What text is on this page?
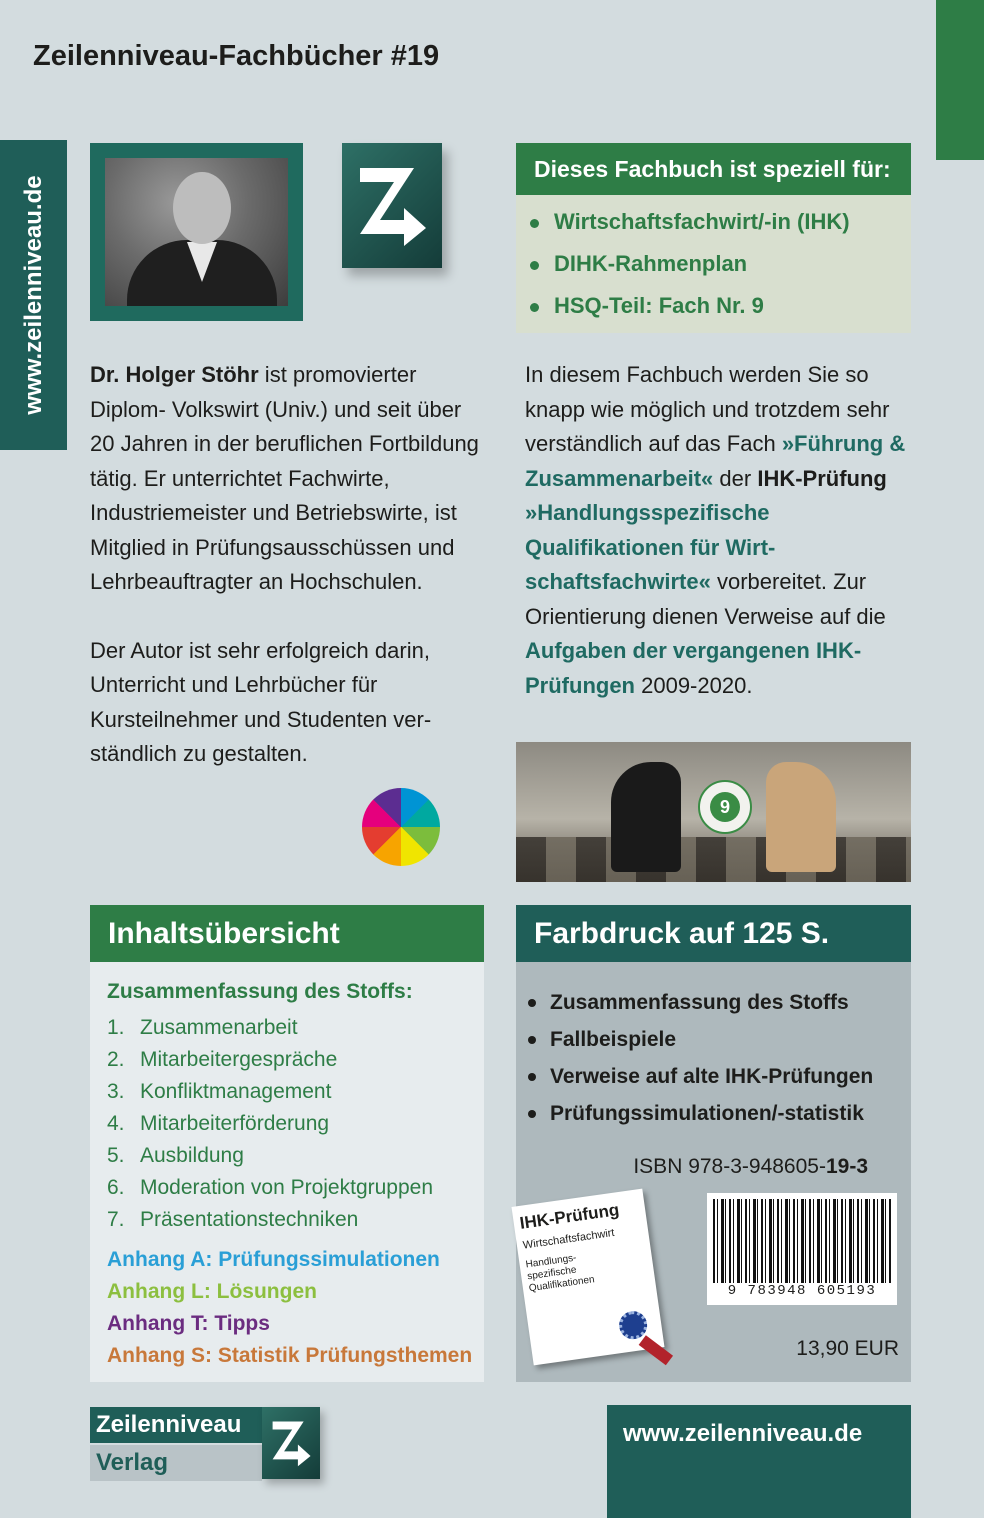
Zeilenniveau-Fachbücher #19
www.zeilenniveau.de
Dieses Fachbuch ist speziell für:
Wirtschaftsfachwirt/-in (IHK)
DIHK-Rahmenplan
HSQ-Teil: Fach Nr. 9

Dr. Holger Stöhr ist promovierter Diplom- Volkswirt (Univ.) und seit über 20 Jahren in der beruflichen Fortbildung tätig. Er unterrichtet Fachwirte, Industriemeister und Betriebswirte, ist Mitglied in Prüfungsausschüssen und Lehrbeauftragter an Hochschulen.

Der Autor ist sehr erfolgreich darin, Unterricht und Lehrbücher für Kursteilnehmer und Studenten verständlich zu gestalten.

In diesem Fachbuch werden Sie so knapp wie möglich und trotzdem sehr verständlich auf das Fach »Führung & Zusammenarbeit« der IHK-Prüfung »Handlungsspezifische Qualifikationen für Wirtschaftsfachwirte« vorbereitet. Zur Orientierung dienen Verweise auf die Aufgaben der vergangenen IHK-Prüfungen 2009-2020.
9
Inhaltsübersicht
Zusammenfassung des Stoffs:
1. Zusammenarbeit
2. Mitarbeitergespräche
3. Konfliktmanagement
4. Mitarbeiterförderung
5. Ausbildung
6. Moderation von Projektgruppen
7. Präsentationstechniken
Anhang A: Prüfungssimulationen
Anhang L: Lösungen
Anhang T: Tipps
Anhang S: Statistik Prüfungsthemen
Farbdruck auf 125 S.
Zusammenfassung des Stoffs
Fallbeispiele
Verweise auf alte IHK-Prüfungen
Prüfungssimulationen/-statistik
ISBN 978-3-948605-19-3
13,90 EUR
IHK-Prüfung
Wirtschaftsfachwirt
Handlungsspezifische Qualifikationen	9 783948 605193
Zeilenniveau
Verlag
www.zeilenniveau.de
